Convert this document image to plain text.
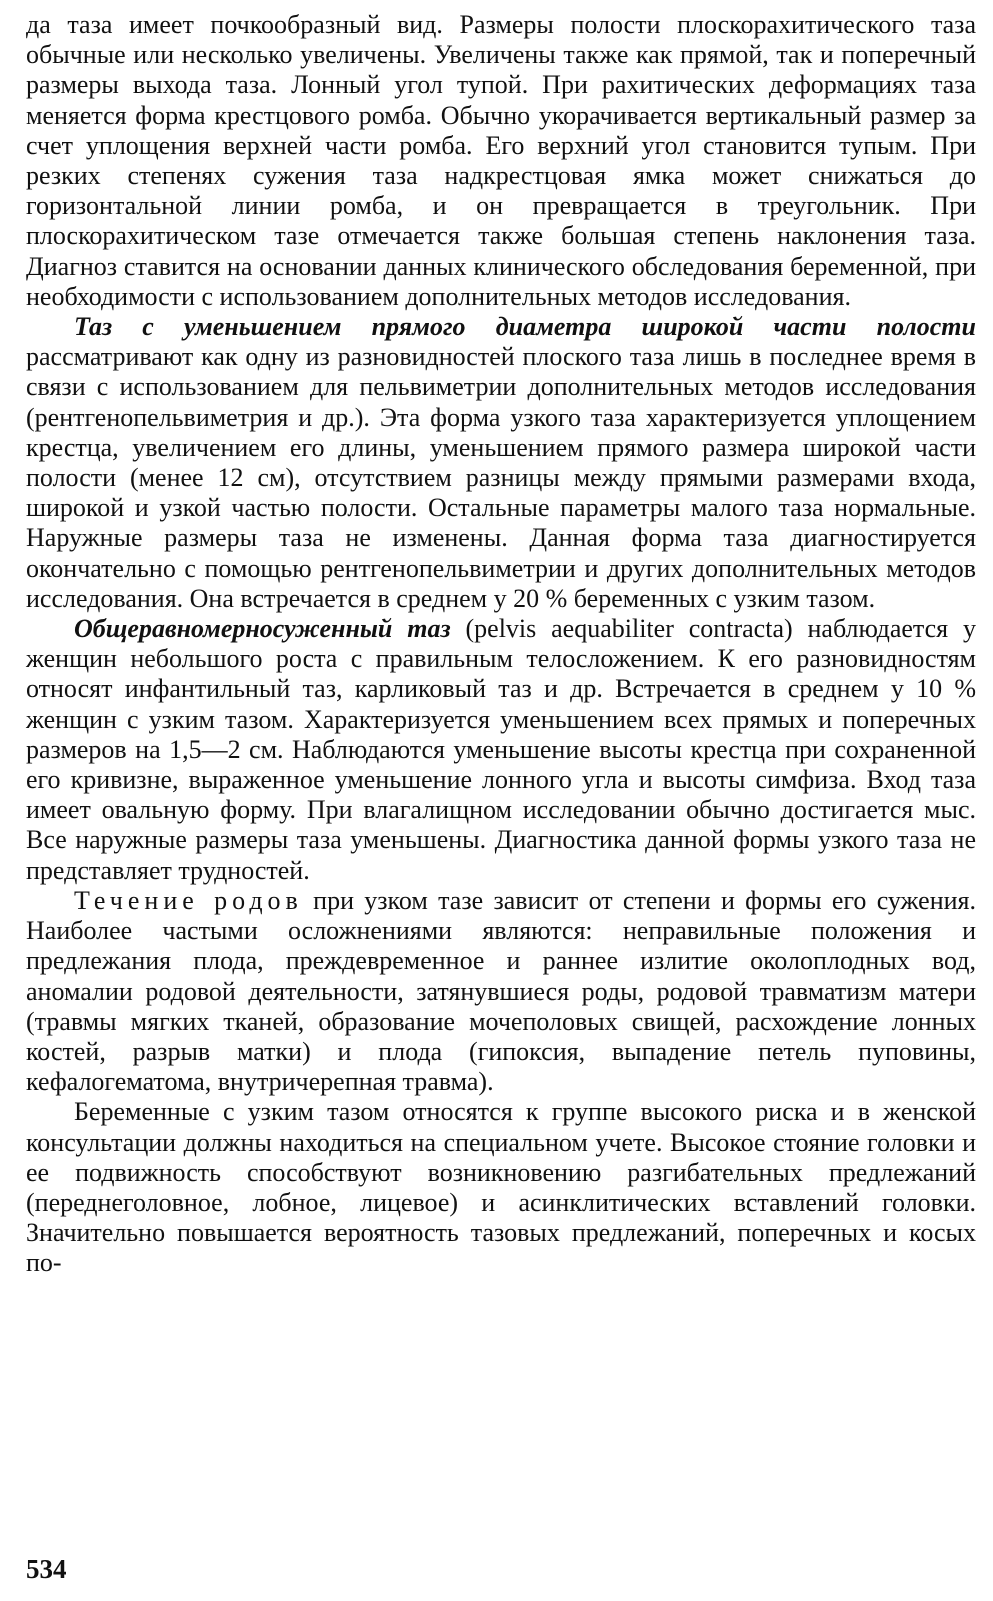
да таза имеет почкообразный вид. Размеры полости плоскорахитического таза обычные или несколько увеличены. Увеличены также как прямой, так и поперечный размеры выхода таза. Лонный угол тупой. При рахитических деформациях таза меняется форма крестцового ромба. Обычно укорачивается вертикальный размер за счет уплощения верхней части ромба. Его верхний угол становится тупым. При резких степенях сужения таза надкрестцовая ямка может снижаться до горизонтальной линии ромба, и он превращается в треугольник. При плоскорахитическом тазе отмечается также большая степень наклонения таза. Диагноз ставится на основании данных клинического обследования беременной, при необходимости с использованием дополнительных методов исследования.

Таз с уменьшением прямого диаметра широкой части полости рассматривают как одну из разновидностей плоского таза лишь в последнее время в связи с использованием для пельвиметрии дополнительных методов исследования (рентгенопельвиметрия и др.). Эта форма узкого таза характеризуется уплощением крестца, увеличением его длины, уменьшением прямого размера широкой части полости (менее 12 см), отсутствием разницы между прямыми размерами входа, широкой и узкой частью полости. Остальные параметры малого таза нормальные. Наружные размеры таза не изменены. Данная форма таза диагностируется окончательно с помощью рентгенопельвиметрии и других дополнительных методов исследования. Она встречается в среднем у 20 % беременных с узким тазом.

Общеравномерносуженный таз (pelvis aequabiliter contracta) наблюдается у женщин небольшого роста с правильным телосложением. К его разновидностям относят инфантильный таз, карликовый таз и др. Встречается в среднем у 10 % женщин с узким тазом. Характеризуется уменьшением всех прямых и поперечных размеров на 1,5—2 см. Наблюдаются уменьшение высоты крестца при сохраненной его кривизне, выраженное уменьшение лонного угла и высоты симфиза. Вход таза имеет овальную форму. При влагалищном исследовании обычно достигается мыс. Все наружные размеры таза уменьшены. Диагностика данной формы узкого таза не представляет трудностей.

Течение родов при узком тазе зависит от степени и формы его сужения. Наиболее частыми осложнениями являются: неправильные положения и предлежания плода, преждевременное и раннее излитие околоплодных вод, аномалии родовой деятельности, затянувшиеся роды, родовой травматизм матери (травмы мягких тканей, образование мочеполовых свищей, расхождение лонных костей, разрыв матки) и плода (гипоксия, выпадение петель пуповины, кефалогематома, внутричерепная травма).

Беременные с узким тазом относятся к группе высокого риска и в женской консультации должны находиться на специальном учете. Высокое стояние головки и ее подвижность способствуют возникновению разгибательных предлежаний (переднеголовное, лобное, лицевое) и асинклитических вставлений головки. Значительно повышается вероятность тазовых предлежаний, поперечных и косых по-

534
